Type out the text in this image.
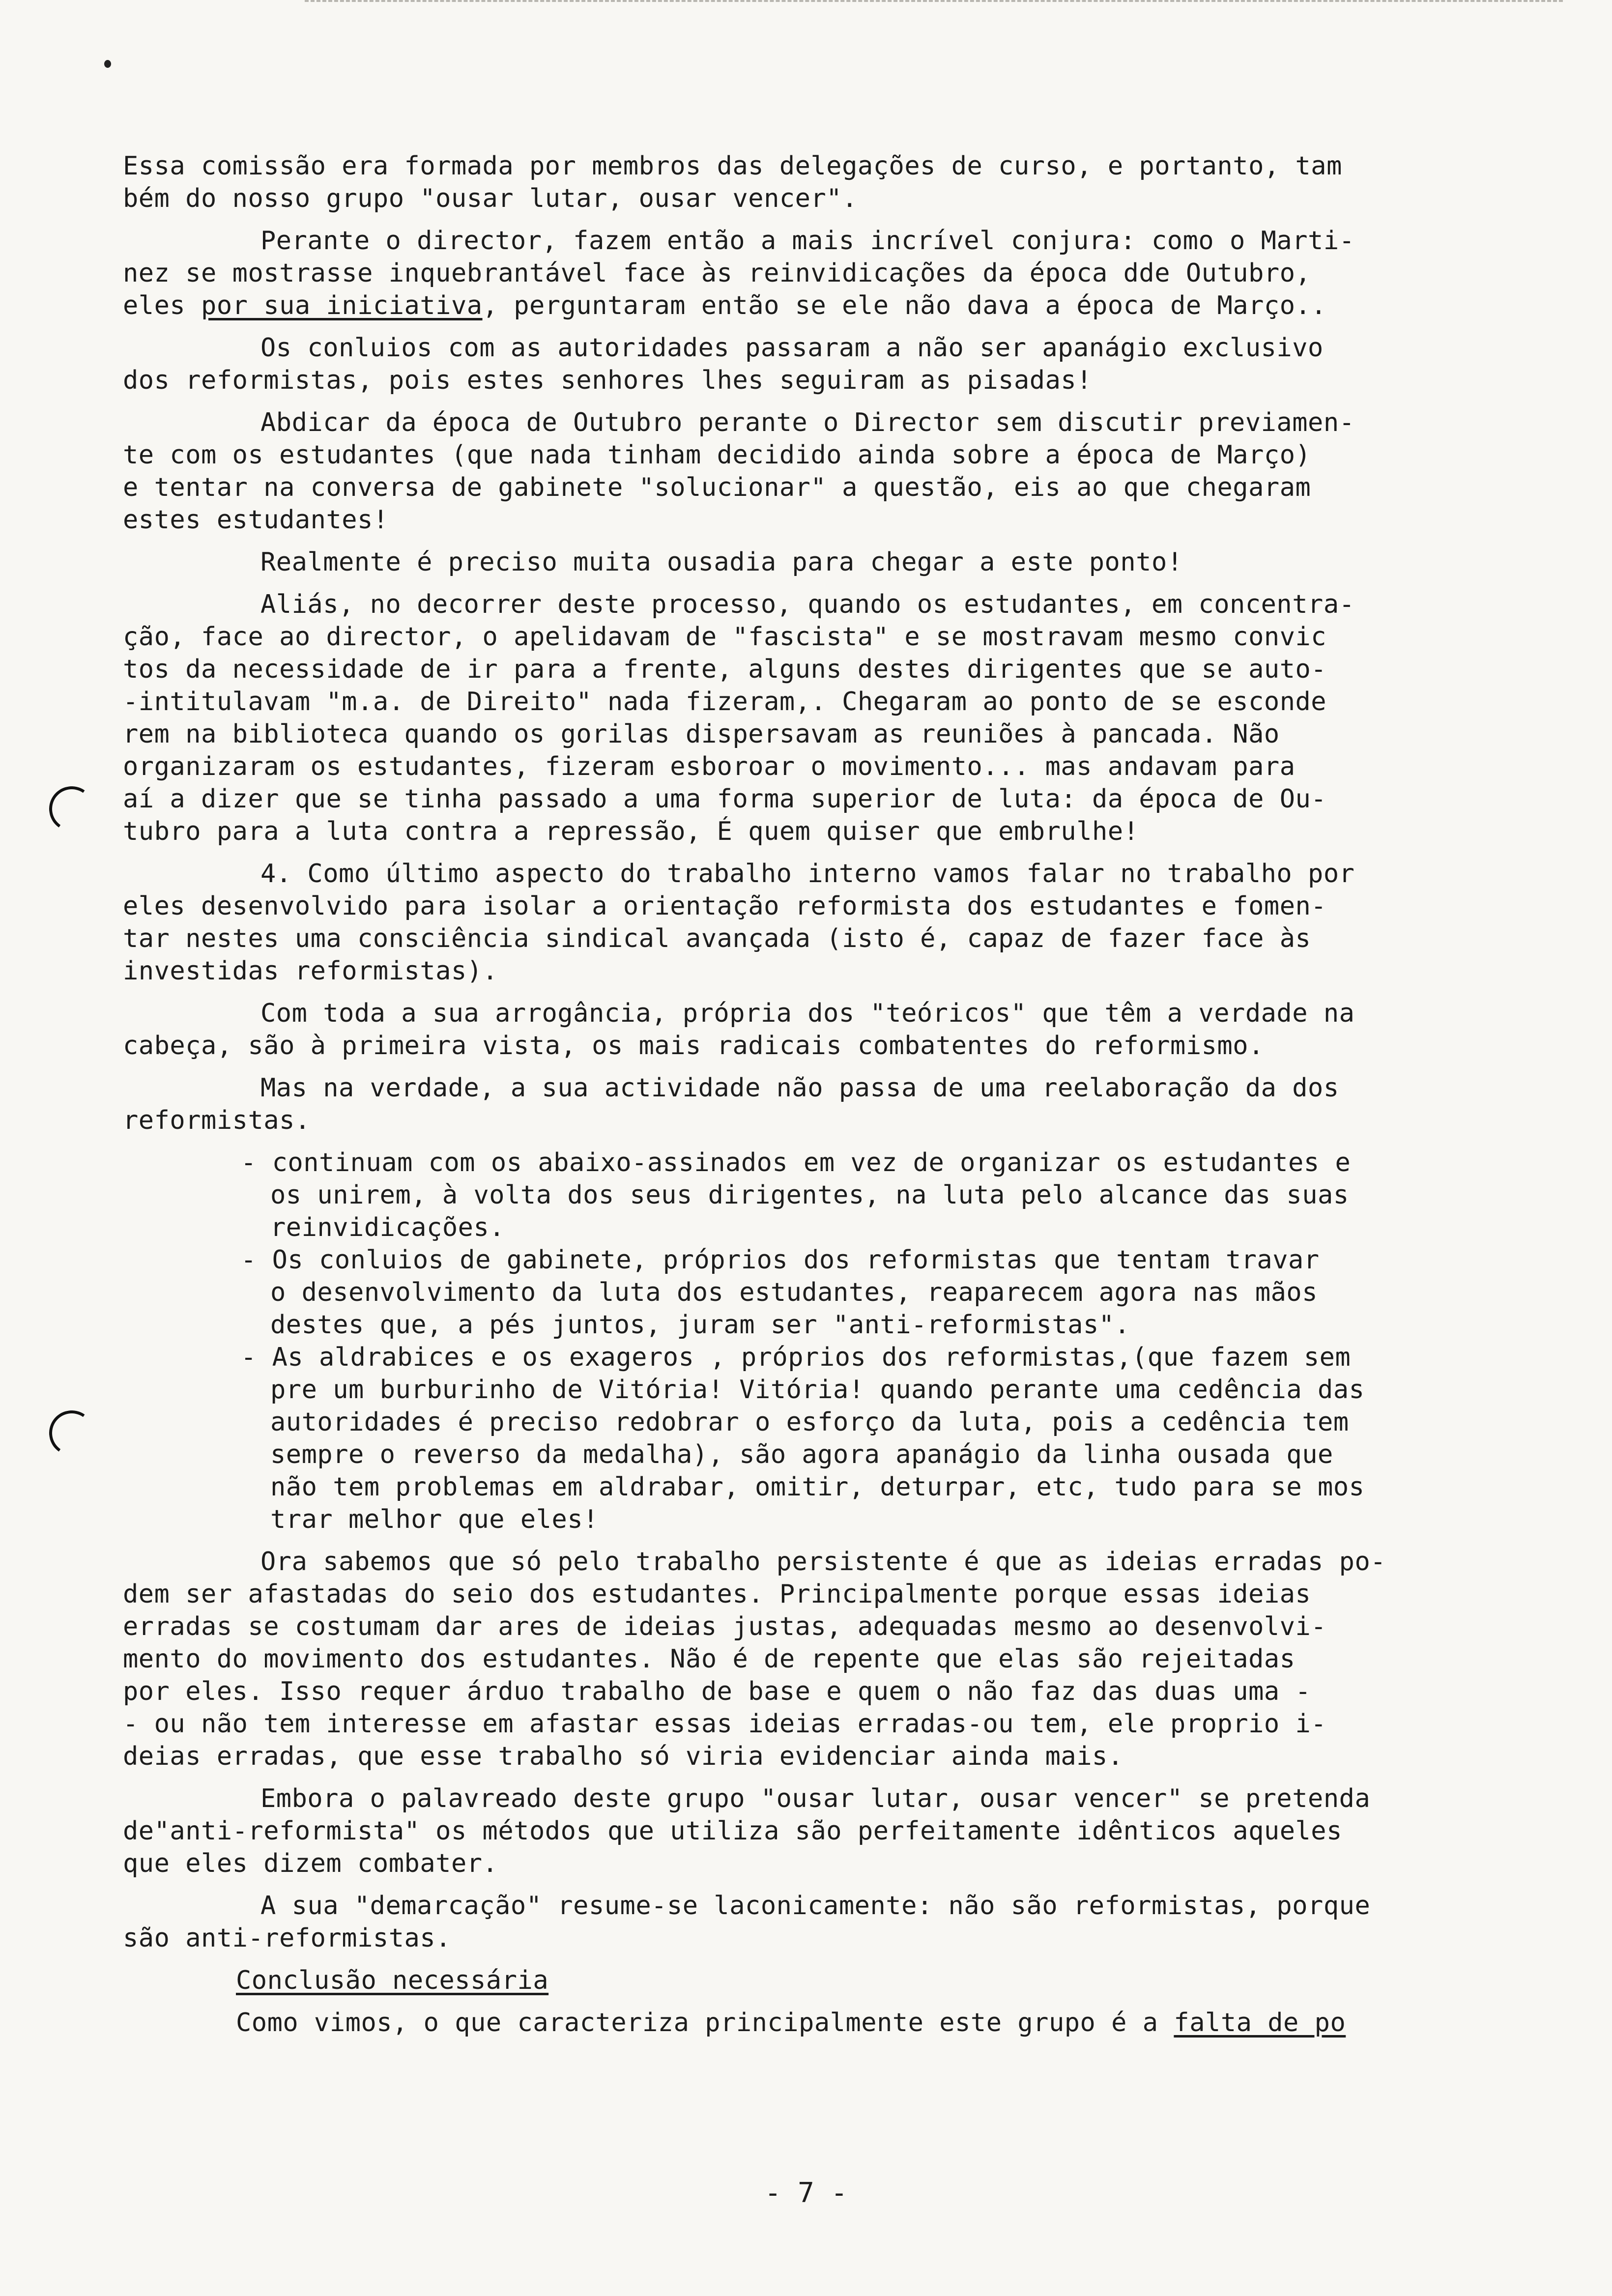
Essa comissão era formada por membros das delegações de curso, e portanto, tam
bém do nosso grupo "ousar lutar, ousar vencer".

Perante o director, fazem então a mais incrível conjura: como o Marti-
nez se mostrasse inquebrantável face às reinvidicações da época dde Outubro,
eles por sua iniciativa, perguntaram então se ele não dava a época de Março..

Os conluios com as autoridades passaram a não ser apanágio exclusivo
dos reformistas, pois estes senhores lhes seguiram as pisadas!

Abdicar da época de Outubro perante o Director sem discutir previamen-
te com os estudantes (que nada tinham decidido ainda sobre a época de Março)
e tentar na conversa de gabinete "solucionar" a questão, eis ao que chegaram
estes estudantes!

Realmente é preciso muita ousadia para chegar a este ponto!

Aliás, no decorrer deste processo, quando os estudantes, em concentra-
ção, face ao director, o apelidavam de "fascista" e se mostravam mesmo convic
tos da necessidade de ir para a frente, alguns destes dirigentes que se auto-
-intitulavam "m.a. de Direito" nada fizeram,. Chegaram ao ponto de se esconde
rem na biblioteca quando os gorilas dispersavam as reuniões à pancada. Não
organizaram os estudantes, fizeram esboroar o movimento... mas andavam para
aí a dizer que se tinha passado a uma forma superior de luta: da época de Ou-
tubro para a luta contra a repressão, É quem quiser que embrulhe!

4. Como último aspecto do trabalho interno vamos falar no trabalho por
eles desenvolvido para isolar a orientação reformista dos estudantes e fomen-
tar nestes uma consciência sindical avançada (isto é, capaz de fazer face às
investidas reformistas).

Com toda a sua arrogância, própria dos "teóricos" que têm a verdade na
cabeça, são à primeira vista, os mais radicais combatentes do reformismo.

Mas na verdade, a sua actividade não passa de uma reelaboração da dos
reformistas.

- continuam com os abaixo-assinados em vez de organizar os estudantes e
os unirem, à volta dos seus dirigentes, na luta pelo alcance das suas
reinvidicações.
- Os conluios de gabinete, próprios dos reformistas que tentam travar
o desenvolvimento da luta dos estudantes, reaparecem agora nas mãos
destes que, a pés juntos, juram ser "anti-reformistas".
- As aldrabices e os exageros , próprios dos reformistas,(que fazem sem
pre um burburinho de Vitória! Vitória! quando perante uma cedência das
autoridades é preciso redobrar o esforço da luta, pois a cedência tem
sempre o reverso da medalha), são agora apanágio da linha ousada que
não tem problemas em aldrabar, omitir, deturpar, etc, tudo para se mos
trar melhor que eles!

Ora sabemos que só pelo trabalho persistente é que as ideias erradas po-
dem ser afastadas do seio dos estudantes. Principalmente porque essas ideias
erradas se costumam dar ares de ideias justas, adequadas mesmo ao desenvolvi-
mento do movimento dos estudantes. Não é de repente que elas são rejeitadas
por eles. Isso requer árduo trabalho de base e quem o não faz das duas uma -
- ou não tem interesse em afastar essas ideias erradas-ou tem, ele proprio i-
deias erradas, que esse trabalho só viria evidenciar ainda mais.

Embora o palavreado deste grupo "ousar lutar, ousar vencer" se pretenda
de"anti-reformista" os métodos que utiliza são perfeitamente idênticos aqueles
que eles dizem combater.

A sua "demarcação" resume-se laconicamente: não são reformistas, porque
são anti-reformistas.

Conclusão necessária

Como vimos, o que caracteriza principalmente este grupo é a falta de po

- 7 -
